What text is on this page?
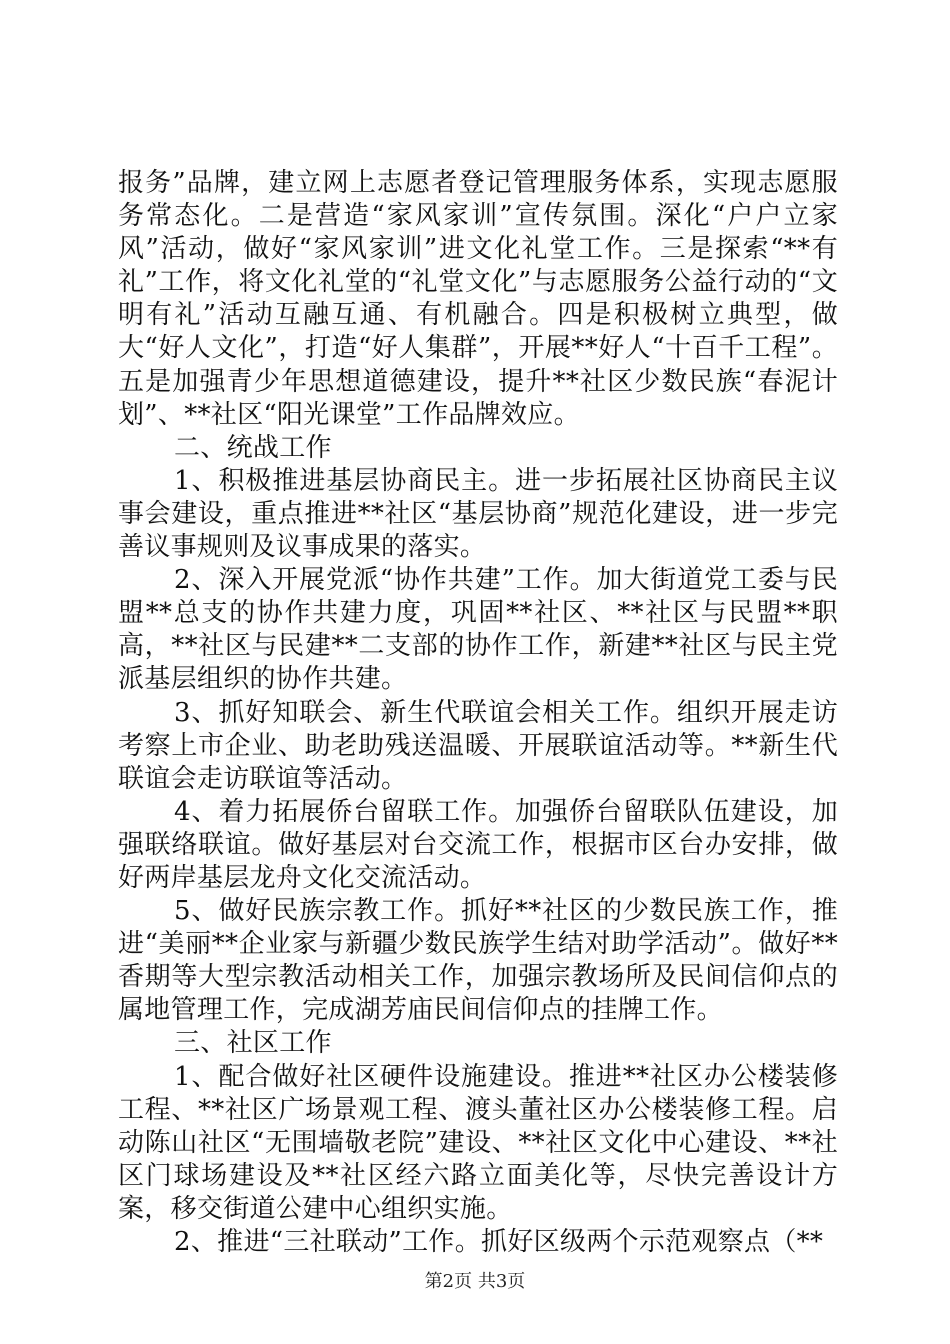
报务”品牌，建立网上志愿者登记管理服务体系，实现志愿服务常态化。二是营造“家风家训”宣传氛围。深化“户户立家风”活动，做好“家风家训”进文化礼堂工作。三是探索“**有礼”工作，将文化礼堂的“礼堂文化”与志愿服务公益行动的“文明有礼”活动互融互通、有机融合。四是积极树立典型，做大“好人文化”，打造“好人集群”，开展**好人“十百千工程”。五是加强青少年思想道德建设，提升**社区少数民族“春泥计划”、**社区“阳光课堂”工作品牌效应。

二、统战工作

1、积极推进基层协商民主。进一步拓展社区协商民主议事会建设，重点推进**社区“基层协商”规范化建设，进一步完善议事规则及议事成果的落实。

2、深入开展党派“协作共建”工作。加大街道党工委与民盟**总支的协作共建力度，巩固**社区、**社区与民盟**职高，**社区与民建**二支部的协作工作，新建**社区与民主党派基层组织的协作共建。

3、抓好知联会、新生代联谊会相关工作。组织开展走访考察上市企业、助老助残送温暖、开展联谊活动等。**新生代联谊会走访联谊等活动。

4、着力拓展侨台留联工作。加强侨台留联队伍建设，加强联络联谊。做好基层对台交流工作，根据市区台办安排，做好两岸基层龙舟文化交流活动。

5、做好民族宗教工作。抓好**社区的少数民族工作，推进“美丽**企业家与新疆少数民族学生结对助学活动”。做好**香期等大型宗教活动相关工作，加强宗教场所及民间信仰点的属地管理工作，完成湖芳庙民间信仰点的挂牌工作。

三、社区工作

1、配合做好社区硬件设施建设。推进**社区办公楼装修工程、**社区广场景观工程、渡头董社区办公楼装修工程。启动陈山社区“无围墙敬老院”建设、**社区文化中心建设、**社区门球场建设及**社区经六路立面美化等，尽快完善设计方案，移交街道公建中心组织实施。

2、推进“三社联动”工作。抓好区级两个示范观察点（**

第2页 共3页
